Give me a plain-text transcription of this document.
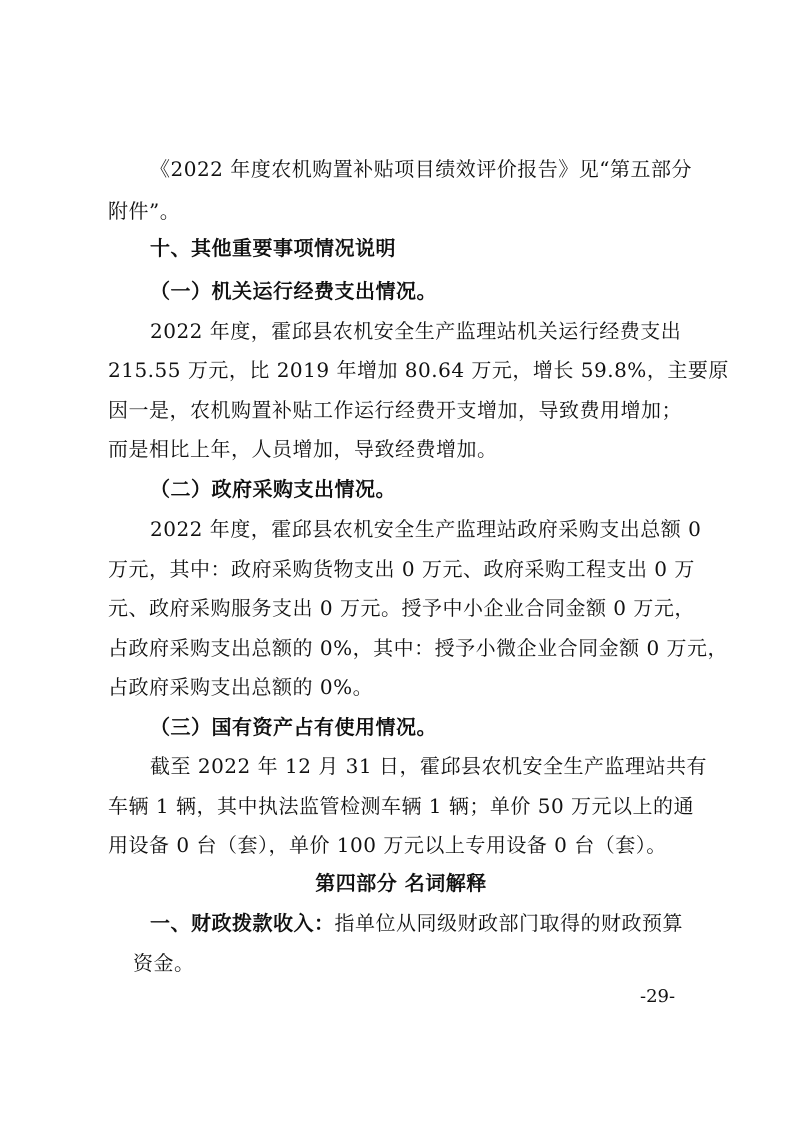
《2022 年度农机购置补贴项目绩效评价报告》见“第五部分
附件”。
十、其他重要事项情况说明
（一）机关运行经费支出情况。
2022 年度，霍邱县农机安全生产监理站机关运行经费支出
215.55 万元，比 2019 年增加 80.64 万元，增长 59.8%，主要原
因一是，农机购置补贴工作运行经费开支增加，导致费用增加；
而是相比上年，人员增加，导致经费增加。
（二）政府采购支出情况。
2022 年度，霍邱县农机安全生产监理站政府采购支出总额 0
万元，其中：政府采购货物支出 0 万元、政府采购工程支出 0 万
元、政府采购服务支出 0 万元。授予中小企业合同金额 0 万元，
占政府采购支出总额的 0%，其中：授予小微企业合同金额 0 万元，
占政府采购支出总额的 0%。
（三）国有资产占有使用情况。
截至 2022 年 12 月 31 日，霍邱县农机安全生产监理站共有
车辆 1 辆，其中执法监管检测车辆 1 辆；单价 50 万元以上的通
用设备 0 台（套），单价 100 万元以上专用设备 0 台（套）。
第四部分 名词解释
一、财政拨款收入：指单位从同级财政部门取得的财政预算
资金。
-29-
